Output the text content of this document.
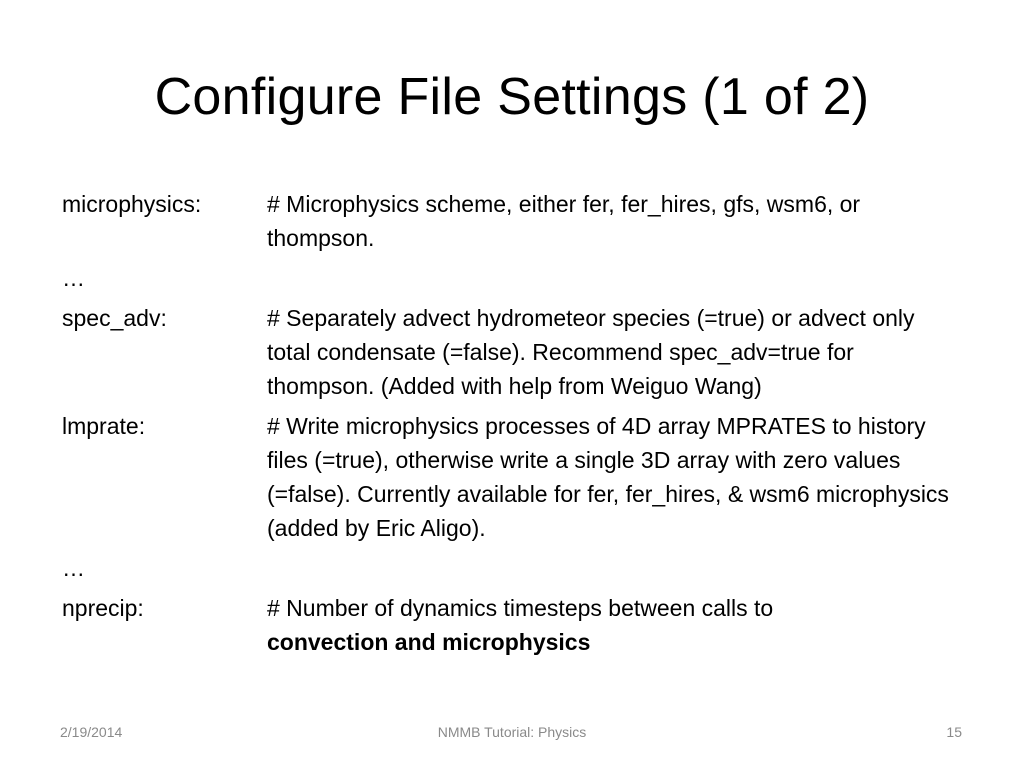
Configure File Settings (1 of 2)
microphysics:	# Microphysics scheme, either fer, fer_hires, gfs, wsm6, or thompson.
…
spec_adv:	# Separately advect hydrometeor species (=true) or advect only total condensate (=false). Recommend spec_adv=true for thompson. (Added with help from Weiguo Wang)
lmprate:	# Write microphysics processes of 4D array MPRATES to history files (=true), otherwise write a single 3D array with zero values (=false). Currently available for fer, fer_hires, & wsm6 microphysics (added by Eric Aligo).
…
nprecip:	# Number of dynamics timesteps between calls to
convection and microphysics
2/19/2014	NMMB Tutorial: Physics	15
